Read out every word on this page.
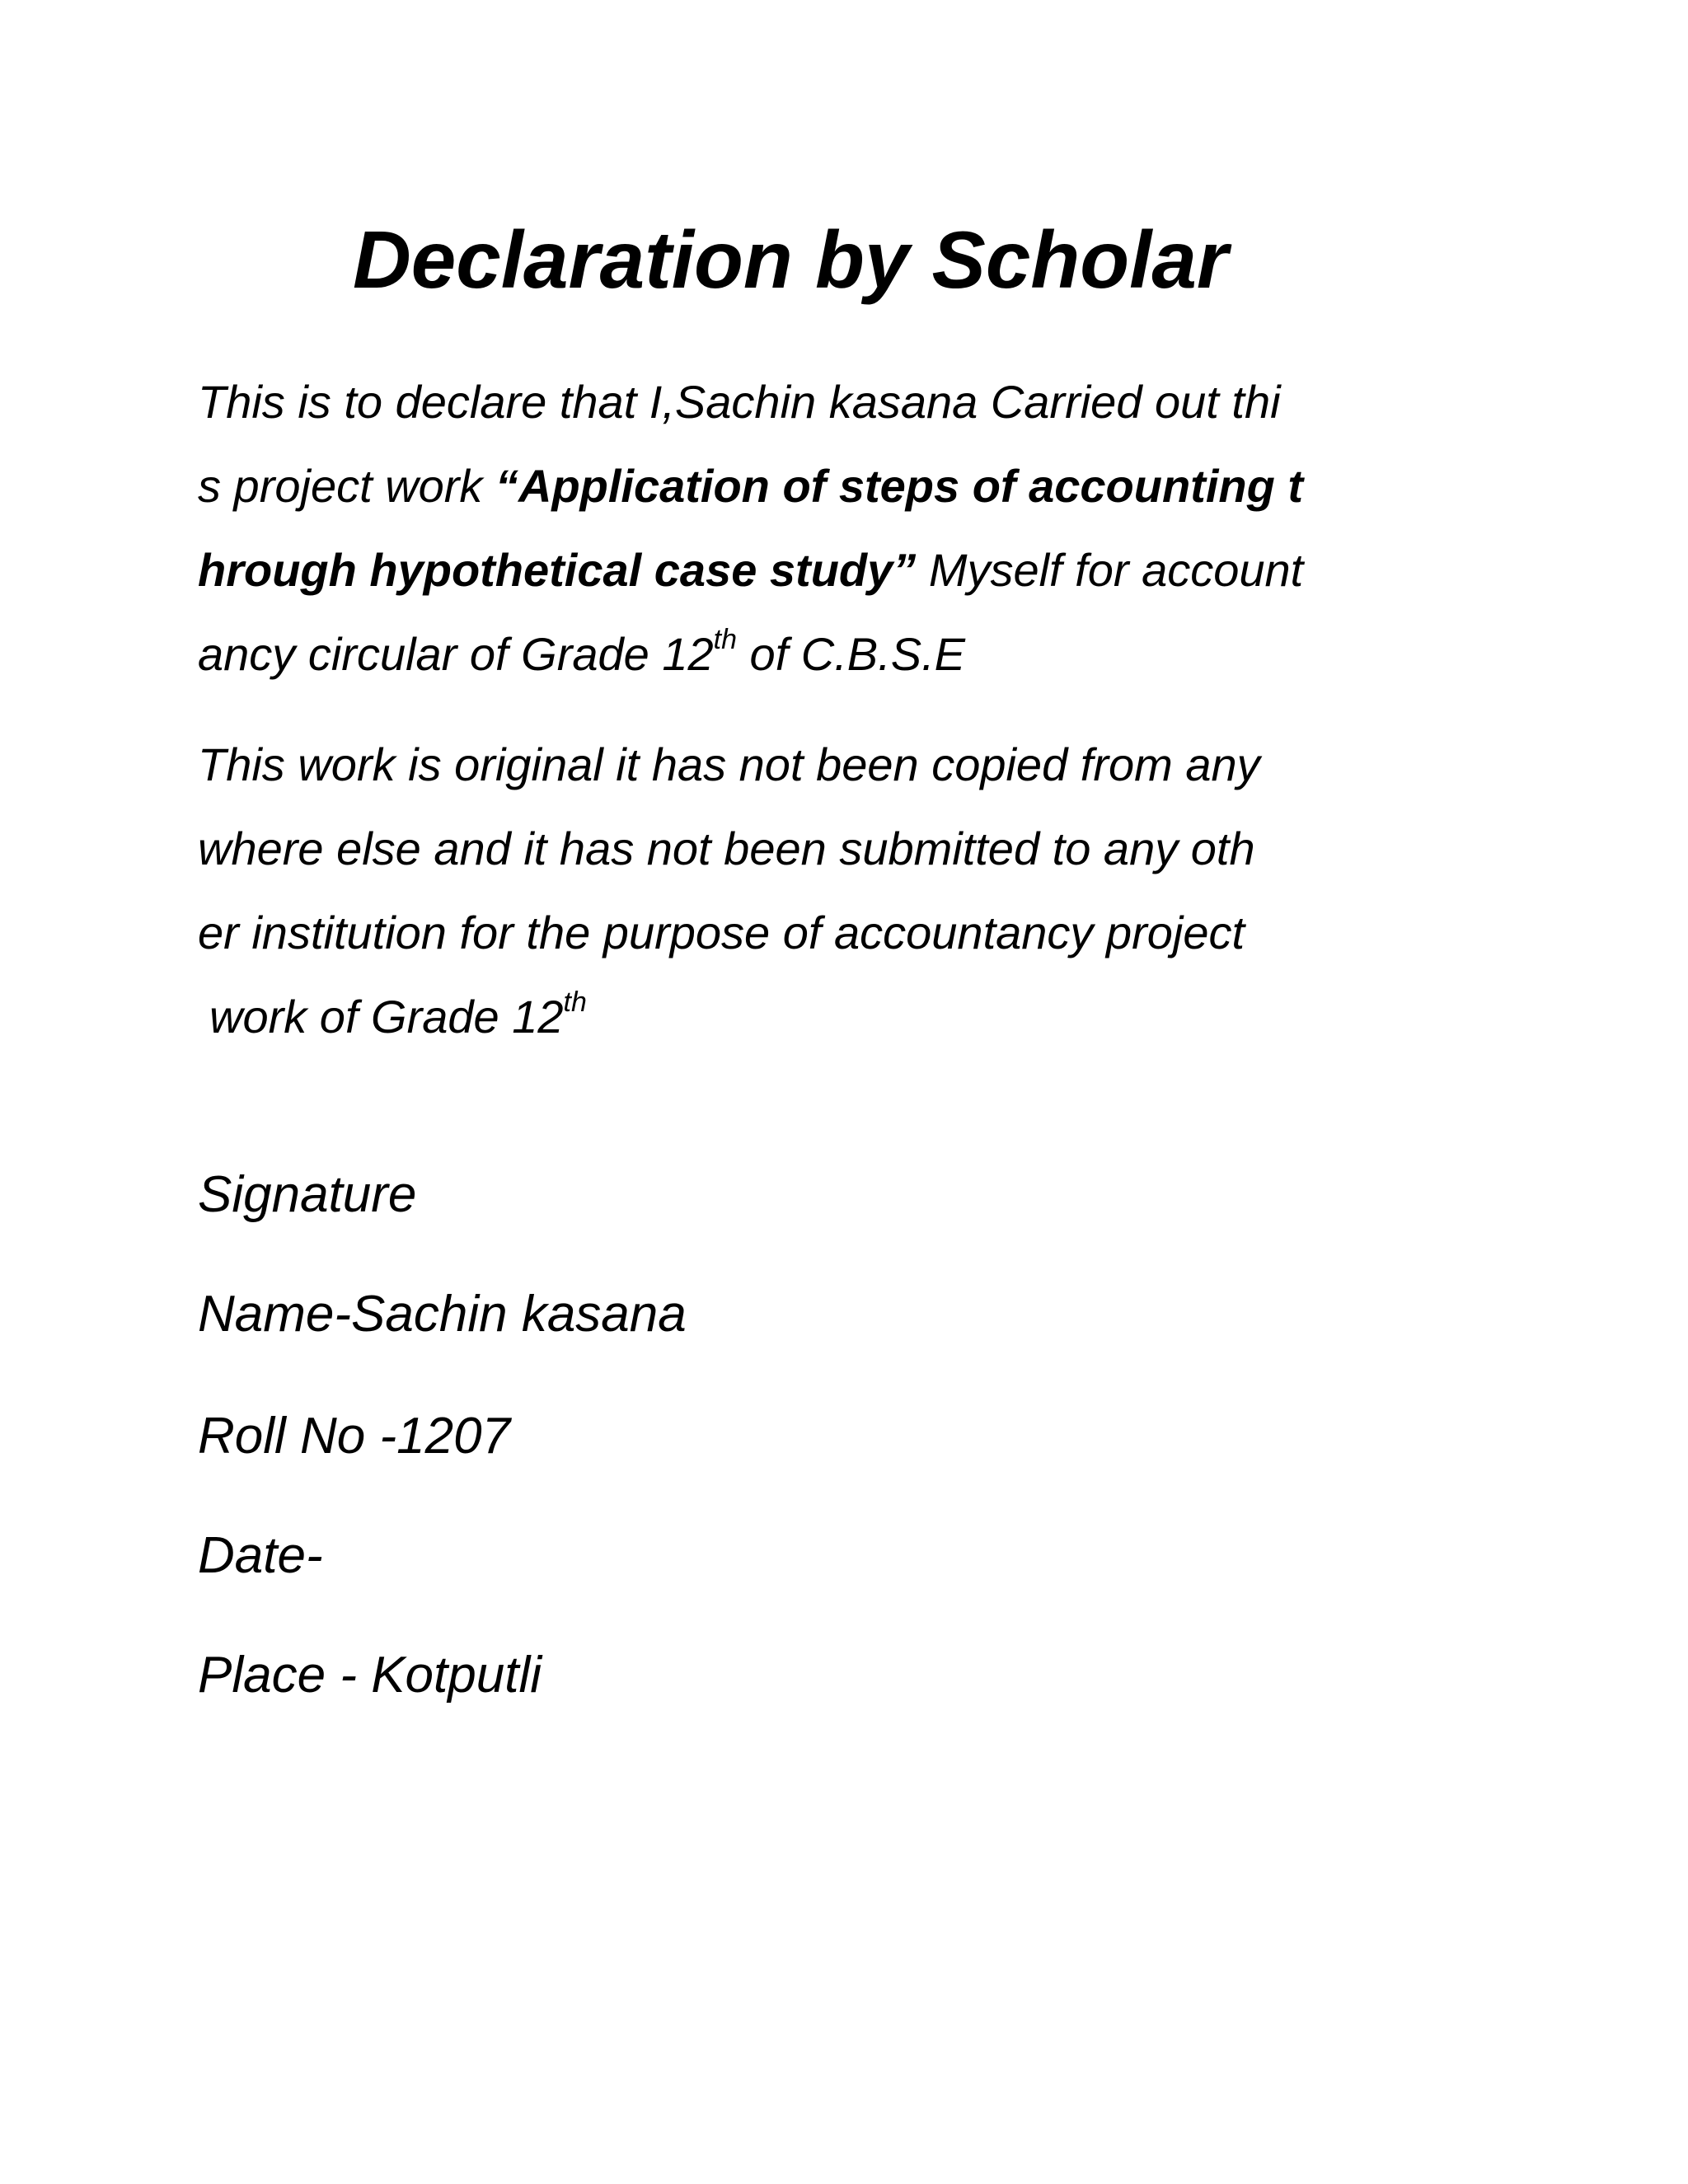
Declaration by Scholar

This is to declare that I,Sachin kasana Carried out thi
s project work “Application of steps of accounting t
hrough hypothetical case study” Myself for account
ancy circular of Grade 12th of C.B.S.E

This work is original it has not been copied from any
where else and it has not been submitted to any oth
er institution for the purpose of accountancy project
work of Grade 12th

Signature

Name-Sachin kasana

Roll No -1207

Date-

Place - Kotputli
